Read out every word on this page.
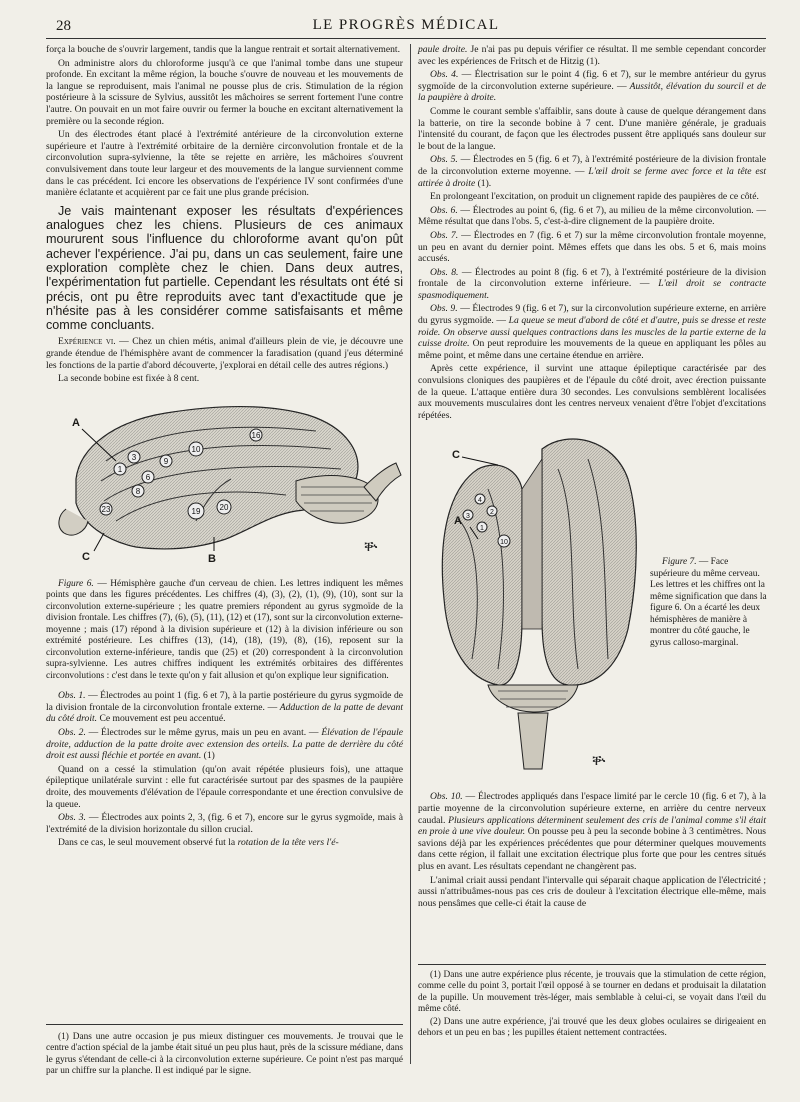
28	LE PROGRÈS MÉDICAL

força la bouche de s'ouvrir largement, tandis que la langue rentrait et sortait alternativement.

On administre alors du chloroforme jusqu'à ce que l'animal tombe dans une stupeur profonde. En excitant la même région, la bouche s'ouvre de nouveau et les mouvements de la langue se reproduisent, mais l'animal ne pousse plus de cris. Stimulation de la région postérieure à la scissure de Sylvius, aussitôt les mâchoires se serrent fortement l'une contre l'autre. On pouvait en un mot faire ouvrir ou fermer la bouche en excitant alternativement la première ou la seconde région.

Un des électrodes étant placé à l'extrémité antérieure de la circonvolution externe supérieure et l'autre à l'extrémité orbitaire de la dernière circonvolution frontale et de la circonvolution supra-sylvienne, la tête se rejette en arrière, les mâchoires s'ouvrent convulsivement dans toute leur largeur et des mouvements de la langue surviennent comme dans le cas précédent. Ici encore les observations de l'expérience IV sont confirmées d'une manière éclatante et acquièrent par ce fait une plus grande précision.

Je vais maintenant exposer les résultats d'expériences analogues chez les chiens. Plusieurs de ces animaux moururent sous l'influence du chloroforme avant qu'on pût achever l'expérience. J'ai pu, dans un cas seulement, faire une exploration complète chez le chien. Dans deux autres, l'expérimentation fut partielle. Cependant les résultats ont été si précis, ont pu être reproduits avec tant d'exactitude que je n'hésite pas à les considérer comme satisfaisants et même comme concluants.

Expérience vi. — Chez un chien métis, animal d'ailleurs plein de vie, je découvre une grande étendue de l'hémisphère avant de commencer la faradisation (quand j'eus déterminé les fonctions de la partie d'abord découverte, j'explorai en détail celle des autres régions.)

La seconde bobine est fixée à 8 cent.

1
3
6
8
9
10
19 20
23
16
ቝ
A
B
C

Figure 6. — Hémisphère gauche d'un cerveau de chien. Les lettres indiquent les mêmes points que dans les figures précédentes. Les chiffres (4), (3), (2), (1), (9), (10), sont sur la circonvolution externe-supérieure ; les quatre premiers répondent au gyrus sygmoïde de la division frontale. Les chiffres (7), (6), (5), (11), (12) et (17), sont sur la circonvolution externe-moyenne ; mais (17) répond à la division supérieure et (12) à la division inférieure ou son extrémité postérieure. Les chiffres (13), (14), (18), (19), (8), (16), reposent sur la circonvolution externe-inférieure, tandis que (25) et (20) correspondent à la circonvolution supra-sylvienne. Les autres chiffres indiquent les extrémités orbitaires des différentes circonvolutions : c'est dans le texte qu'on y fait allusion et qu'on explique leur signification.

Obs. 1. — Électrodes au point 1 (fig. 6 et 7), à la partie postérieure du gyrus sygmoïde de la division frontale de la circonvolution frontale externe. — Adduction de la patte de devant du côté droit. Ce mouvement est peu accentué.

Obs. 2. — Électrodes sur le même gyrus, mais un peu en avant. — Élévation de l'épaule droite, adduction de la patte droite avec extension des orteils. La patte de derrière du côté droit est aussi fléchie et portée en avant. (1)

Quand on a cessé la stimulation (qu'on avait répétée plusieurs fois), une attaque épileptique unilatérale survint : elle fut caractérisée surtout par des spasmes de la paupière droite, des mouvements d'élévation de l'épaule correspondante et une érection convulsive de la queue.

Obs. 3. — Électrodes aux points 2, 3, (fig. 6 et 7), encore sur le gyrus sygmoïde, mais à l'extrémité de la division horizontale du sillon crucial.

Dans ce cas, le seul mouvement observé fut la rotation de la tête vers l'é-

(1) Dans une autre occasion je pus mieux distinguer ces mouvements. Je trouvai que le centre d'action spécial de la jambe était situé un peu plus haut, près de la scissure médiane, dans le gyrus s'étendant de celle-ci à la circonvolution externe supérieure. Ce point n'est pas marqué par un chiffre sur la planche. Il est indiqué par le signe.

paule droite. Je n'ai pas pu depuis vérifier ce résultat. Il me semble cependant concorder avec les expériences de Fritsch et de Hitzig (1).

Obs. 4. — Électrisation sur le point 4 (fig. 6 et 7), sur le membre antérieur du gyrus sygmoïde de la circonvolution externe supérieure. — Aussitôt, élévation du sourcil et de la paupière à droite.

Comme le courant semble s'affaiblir, sans doute à cause de quelque dérangement dans la batterie, on tire la seconde bobine à 7 cent. D'une manière générale, je graduais l'intensité du courant, de façon que les électrodes pussent être appliqués sans douleur sur le bout de la langue.

Obs. 5. — Électrodes en 5 (fig. 6 et 7), à l'extrémité postérieure de la division frontale de la circonvolution externe moyenne. — L'œil droit se ferme avec force et la tête est attirée à droite (1).

En prolongeant l'excitation, on produit un clignement rapide des paupières de ce côté.

Obs. 6. — Électrodes au point 6, (fig. 6 et 7), au milieu de la même circonvolution. — Même résultat que dans l'obs. 5, c'est-à-dire clignement de la paupière droite.

Obs. 7. — Électrodes en 7 (fig. 6 et 7) sur la même circonvolution frontale moyenne, un peu en avant du dernier point. Mêmes effets que dans les obs. 5 et 6, mais moins accusés.

Obs. 8. — Électrodes au point 8 (fig. 6 et 7), à l'extrémité postérieure de la division frontale de la circonvolution externe inférieure. — L'œil droit se contracte spasmodiquement.

Obs. 9. — Électrodes 9 (fig. 6 et 7), sur la circonvolution supérieure externe, en arrière du gyrus sygmoïde. — La queue se meut d'abord de côté et d'autre, puis se dresse et reste roide. On observe aussi quelques contractions dans les muscles de la partie externe de la cuisse droite. On peut reproduire les mouvements de la queue en appliquant les pôles au même point, et même dans une certaine étendue en arrière.

Après cette expérience, il survint une attaque épileptique caractérisée par des convulsions cloniques des paupières et de l'épaule du côté droit, avec érection puissante de la queue. L'attaque entière dura 30 secondes. Les convulsions semblèrent localisées aux mouvements musculaires dont les centres nerveux venaient d'être l'objet d'excitations répétées.

4
2
3
1
10
ቝ
C
A
Figure 7. — Face supérieure du même cerveau. Les lettres et les chiffres ont la même signification que dans la figure 6. On a écarté les deux hémisphères de manière à montrer du côté gauche, le gyrus calloso-marginal.

Obs. 10. — Électrodes appliqués dans l'espace limité par le cercle 10 (fig. 6 et 7), à la partie moyenne de la circonvolution supérieure externe, en arrière du centre nerveux caudal. Plusieurs applications déterminent seulement des cris de l'animal comme s'il était en proie à une vive douleur. On pousse peu à peu la seconde bobine à 3 centimètres. Nous savions déjà par les expériences précédentes que pour déterminer quelques mouvements dans cette région, il fallait une excitation électrique plus forte que pour les centres situés plus en avant. Les résultats cependant ne changèrent pas.

L'animal criait aussi pendant l'intervalle qui séparait chaque application de l'électricité ; aussi n'attribuâmes-nous pas ces cris de douleur à l'excitation électrique elle-même, mais nous pensâmes que celle-ci était la cause de

(1) Dans une autre expérience plus récente, je trouvais que la stimulation de cette région, comme celle du point 3, portait l'œil opposé à se tourner en dedans et produisait la dilatation de la pupille. Un mouvement très-léger, mais semblable à celui-ci, se voyait dans l'œil du même côté.

(2) Dans une autre expérience, j'ai trouvé que les deux globes oculaires se dirigeaient en dehors et un peu en bas ; les pupilles étaient nettement contractées.
